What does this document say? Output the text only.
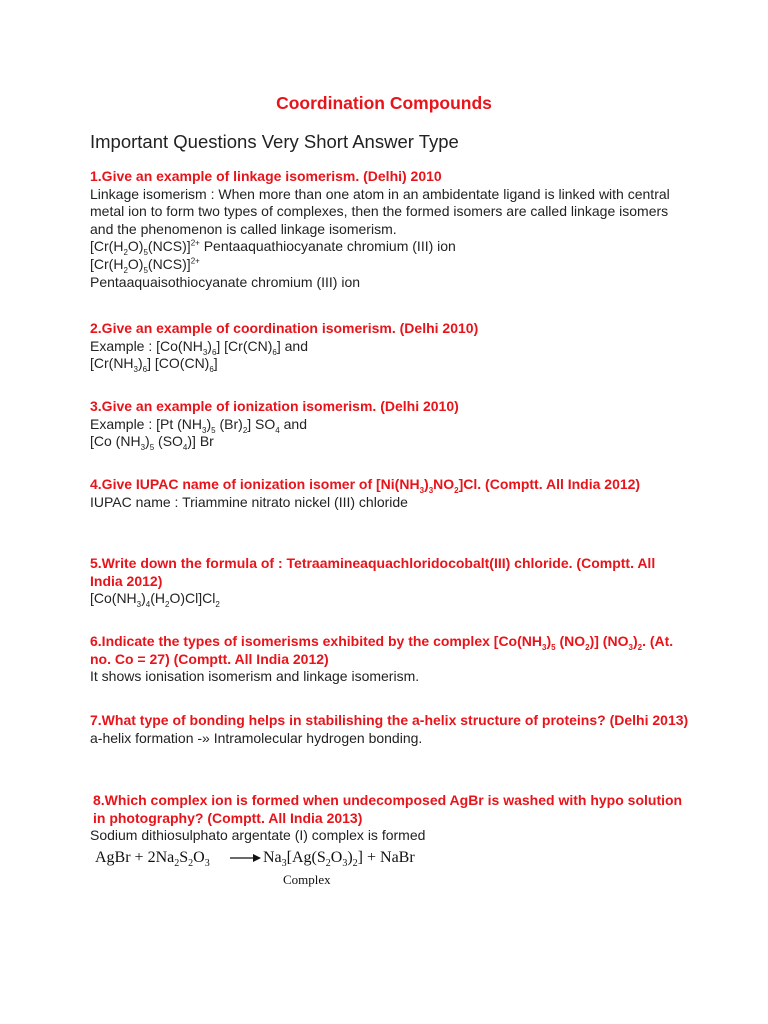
Coordination Compounds
Important Questions Very Short Answer Type
1.Give an example of linkage isomerism. (Delhi) 2010
Linkage isomerism : When more than one atom in an ambidentate ligand is linked with central metal ion to form two types of complexes, then the formed isomers are called linkage isomers and the phenomenon is called linkage isomerism.
$[Cr(H_2O)_5(NCS)]^{2+}$ Pentaaquathiocyanate chromium (III) ion
$[Cr(H_2O)_5(NCS)]^{2+}$
Pentaaquaisothiocyanate chromium (III) ion
2.Give an example of coordination isomerism. (Delhi 2010)
Example : $[Co(NH_3)_6]$ $[Cr(CN)_6]$ and
$[Cr(NH_3)_6]$ $[CO(CN)_6]$
3.Give an example of ionization isomerism. (Delhi 2010)
Example : [Pt $(NH_3)_5$ $(Br)_2$] $SO_4$ and
[Co $(NH_3)_5$ $(SO_4)$] Br
4.Give IUPAC name of ionization isomer of $[Ni(NH_3)_3NO_2]Cl$. (Comptt. All India 2012)
IUPAC name : Triammine nitrato nickel (III) chloride
5.Write down the formula of : Tetraamineaquachloridocobalt(III) chloride. (Comptt. All India 2012)
$[Co(NH_3)_4(H_2O)Cl]Cl_2$
6.Indicate the types of isomerisms exhibited by the complex [$Co(NH_3)_5$ $(NO_2)$] $(NO_3)_2$. (At. no. Co = 27) (Comptt. All India 2012)
It shows ionisation isomerism and linkage isomerism.
7.What type of bonding helps in stabilishing the a-helix structure of proteins? (Delhi 2013)
a-helix formation -» Intramolecular hydrogen bonding.
8.Which complex ion is formed when undecomposed AgBr is washed with hypo solution in photography? (Comptt. All India 2013)
Sodium dithiosulphato argentate (I) complex is formed
AgBr + $2Na_2S_2O_3$	$Na_3[Ag(S_2O_3)_2]$ + NaBr
Complex
